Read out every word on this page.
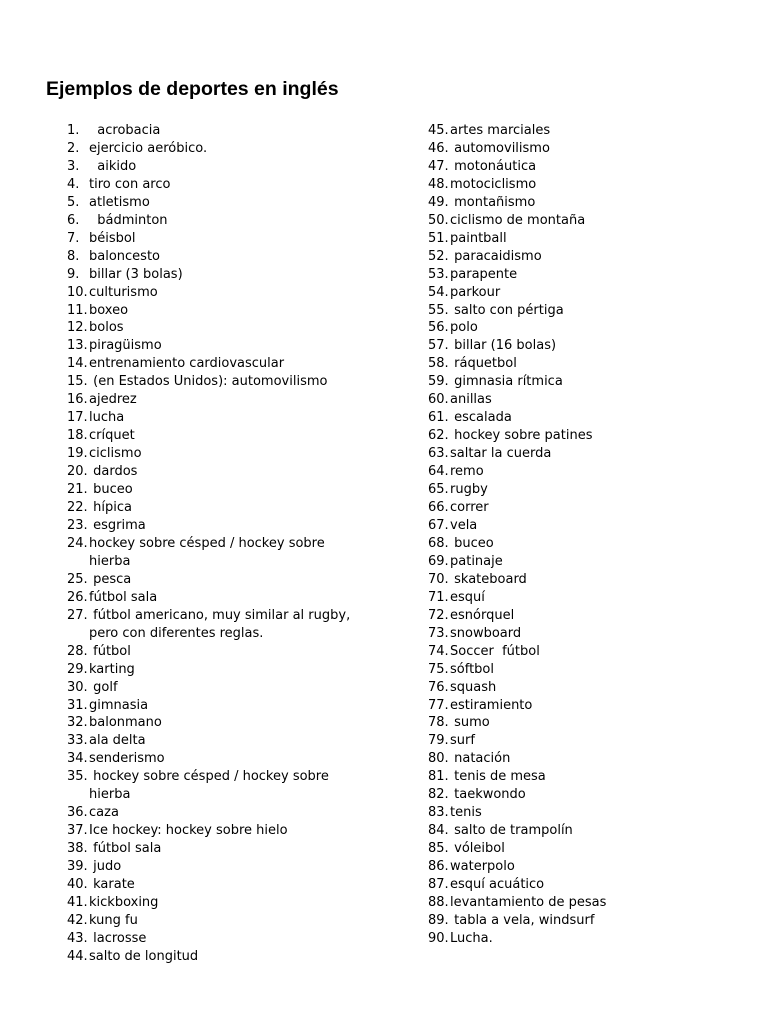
Ejemplos de deportes en inglés
1. acrobacia
2. ejercicio aeróbico.
3. aikido
4. tiro con arco
5. atletismo
6. bádminton
7. béisbol
8. baloncesto
9. billar (3 bolas)
10. culturismo
11. boxeo
12. bolos
13. piragüismo
14. entrenamiento cardiovascular
15. (en Estados Unidos): automovilismo
16. ajedrez
17. lucha
18. críquet
19. ciclismo
20. dardos
21. buceo
22. hípica
23. esgrima
24. hockey sobre césped / hockey sobre
hierba
25. pesca
26. fútbol sala
27. fútbol americano, muy similar al rugby,
pero con diferentes reglas.
28. fútbol
29. karting
30. golf
31. gimnasia
32. balonmano
33. ala delta
34. senderismo
35. hockey sobre césped / hockey sobre
hierba
36. caza
37. Ice hockey: hockey sobre hielo
38. fútbol sala
39. judo
40. karate
41. kickboxing
42. kung fu
43. lacrosse
44. salto de longitud
45. artes marciales
46. automovilismo
47. motonáutica
48. motociclismo
49. montañismo
50. ciclismo de montaña
51. paintball
52. paracaidismo
53. parapente
54. parkour
55. salto con pértiga
56. polo
57. billar (16 bolas)
58. ráquetbol
59. gimnasia rítmica
60. anillas
61. escalada
62. hockey sobre patines
63. saltar la cuerda
64. remo
65. rugby
66. correr
67. vela
68. buceo
69. patinaje
70. skateboard
71. esquí
72. esnórquel
73. snowboard
74. Soccer  fútbol
75. sóftbol
76. squash
77. estiramiento
78. sumo
79. surf
80. natación
81. tenis de mesa
82. taekwondo
83. tenis
84. salto de trampolín
85. vóleibol
86. waterpolo
87. esquí acuático
88. levantamiento de pesas
89. tabla a vela, windsurf
90. Lucha.
